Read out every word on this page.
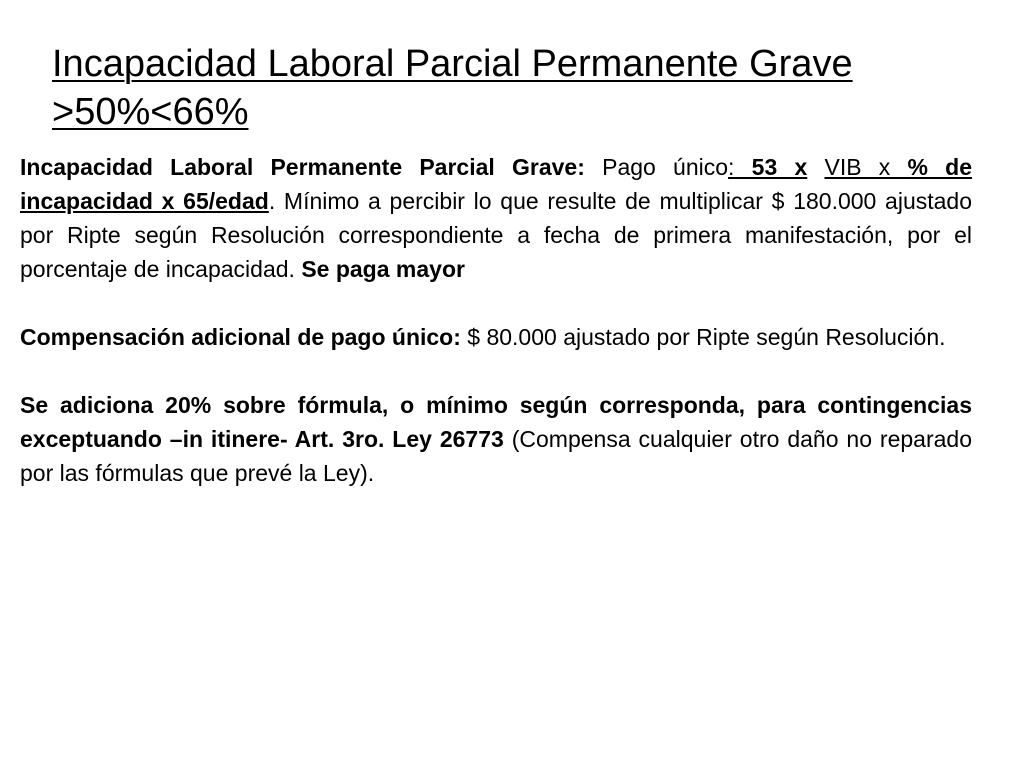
Incapacidad Laboral Parcial Permanente Grave
>50%<66%

Incapacidad Laboral Permanente Parcial Grave: Pago único: 53 x VIB x % de incapacidad x 65/edad. Mínimo a percibir lo que resulte de multiplicar $ 180.000 ajustado por Ripte según Resolución correspondiente a fecha de primera manifestación, por el porcentaje de incapacidad. Se paga mayor

Compensación adicional de pago único: $ 80.000 ajustado por Ripte según Resolución.

Se adiciona 20% sobre fórmula, o mínimo según corresponda, para contingencias exceptuando –in itinere- Art. 3ro. Ley 26773 (Compensa cualquier otro daño no reparado por las fórmulas que prevé la Ley).
